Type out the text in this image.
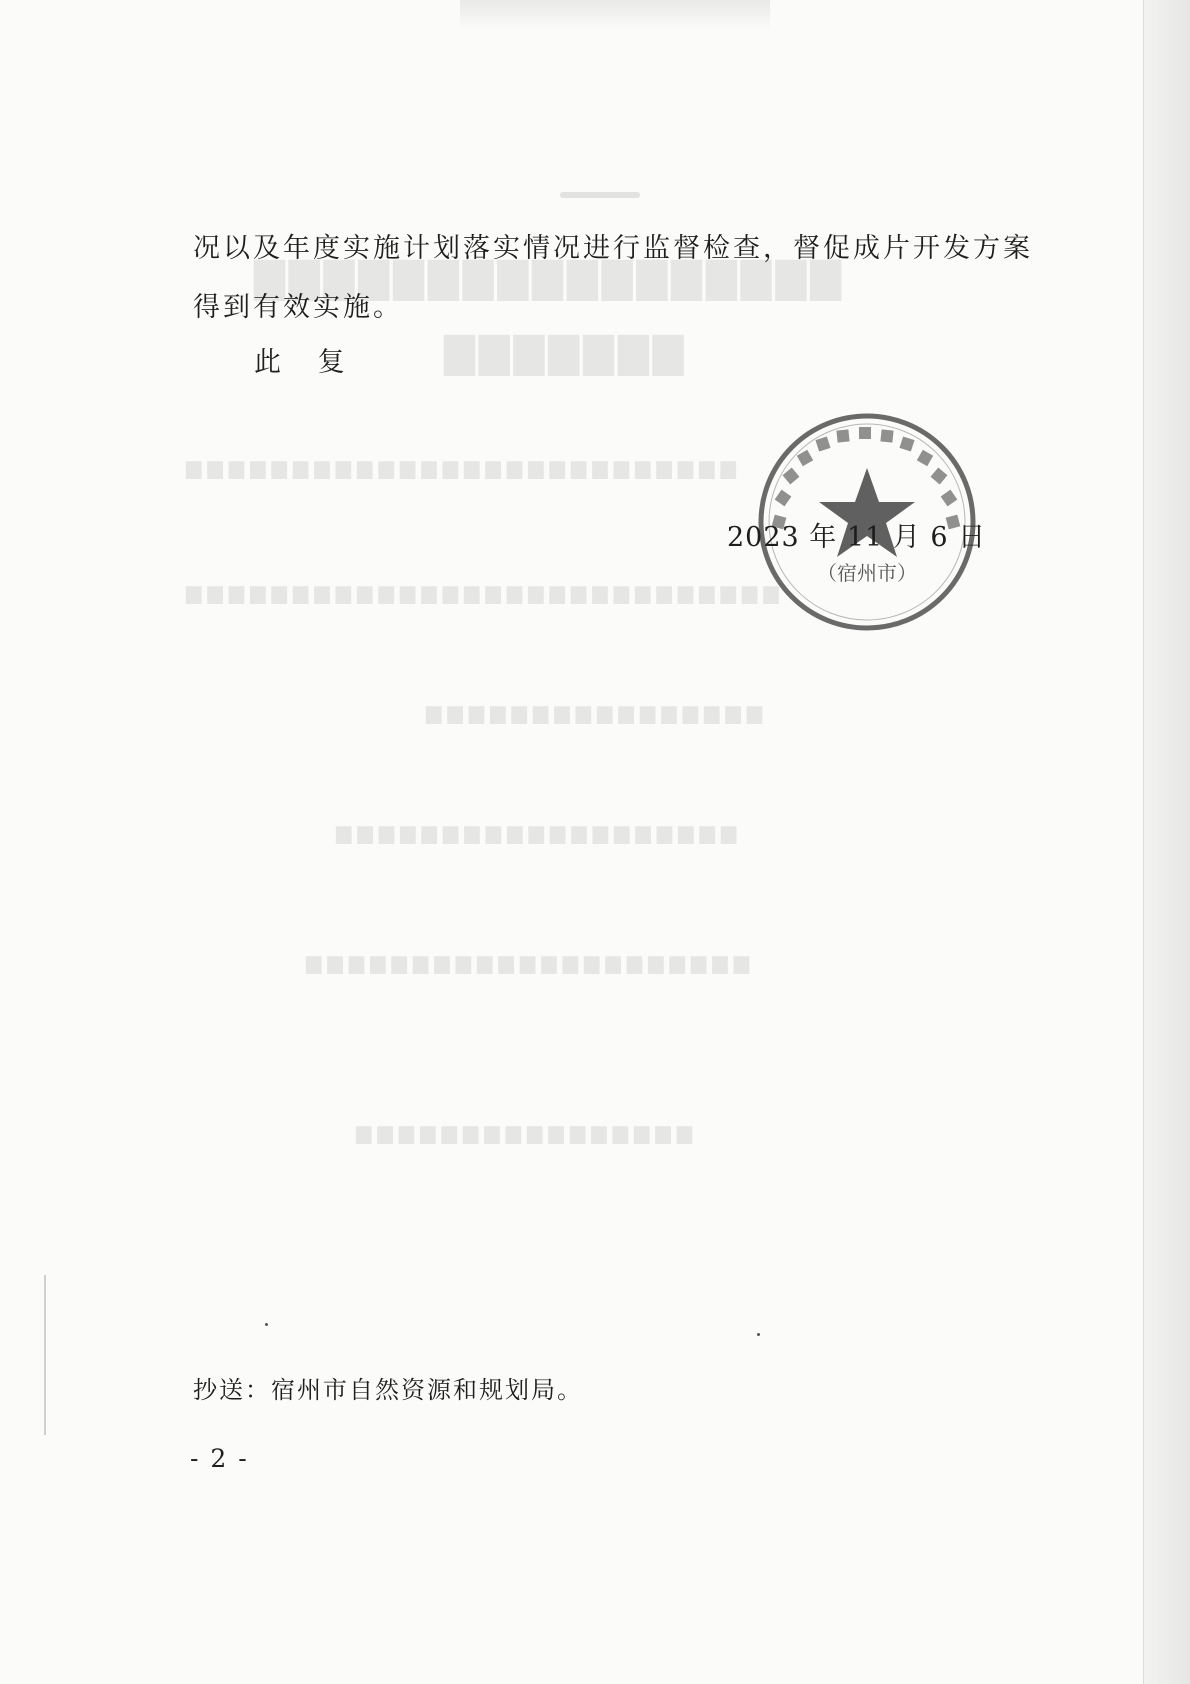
▇▇▇▇▇▇▇▇▇▇▇▇▇▇▇▇▇
▇▇▇▇▇▇▇
▆▆▆▆▆▆▆▆▆▆▆▆▆▆▆▆▆▆▆▆▆▆▆▆▆▆
▆▆▆▆▆▆▆▆▆▆▆▆▆▆▆▆▆▆▆▆▆▆▆▆▆▆▆▆
▆▆▆▆▆▆▆▆▆▆▆▆▆▆▆▆
▆▆▆▆▆▆▆▆▆▆▆▆▆▆▆▆▆▆▆
▆▆▆▆▆▆▆▆▆▆▆▆▆▆▆▆▆▆▆▆▆
▆▆▆▆▆▆▆▆▆▆▆▆▆▆▆▆
况以及年度实施计划落实情况进行监督检查，督促成片开发方案
得到有效实施。
此 复
（宿州市）
2023 年 11 月 6 日
抄送：宿州市自然资源和规划局。
- 2 -
